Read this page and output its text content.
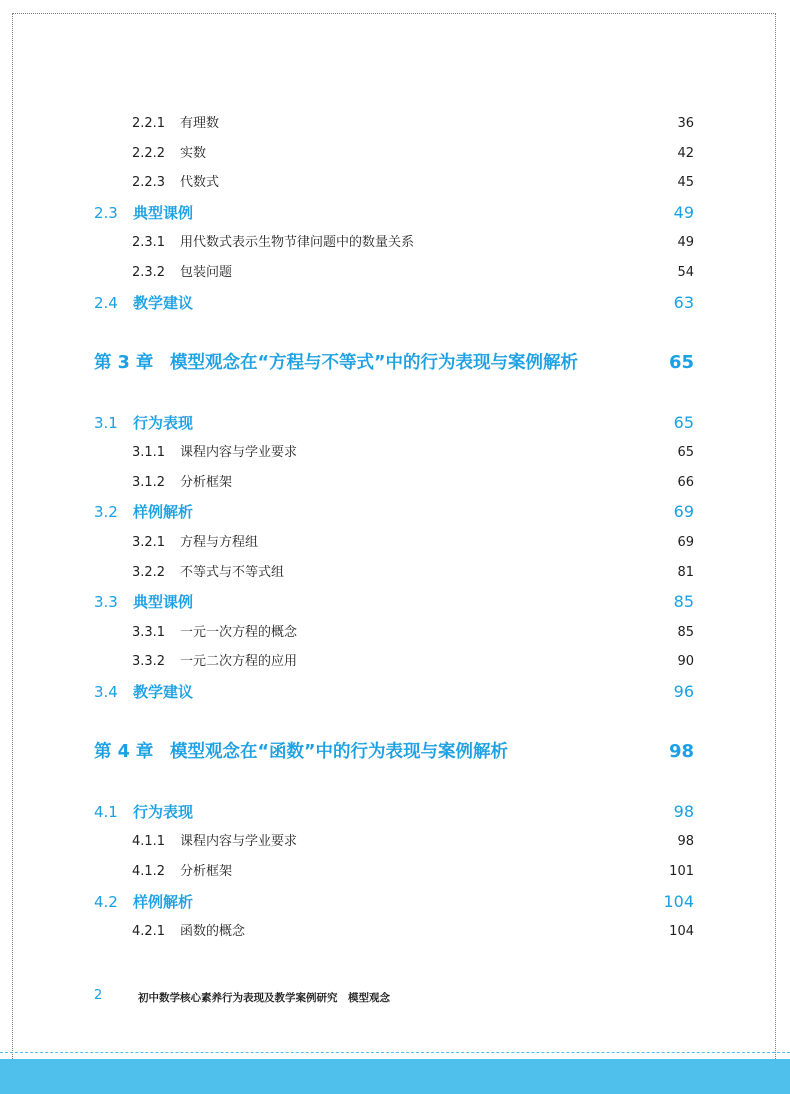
2.2.1 有理数	36
2.2.2 实数	42
2.2.3 代数式	45
2.3 典型课例	49
2.3.1 用代数式表示生物节律问题中的数量关系	49
2.3.2 包装问题	54
2.4 教学建议	63
第 3 章 模型观念在“方程与不等式”中的行为表现与案例解析	65
3.1 行为表现	65
3.1.1 课程内容与学业要求	65
3.1.2 分析框架	66
3.2 样例解析	69
3.2.1 方程与方程组	69
3.2.2 不等式与不等式组	81
3.3 典型课例	85
3.3.1 一元一次方程的概念	85
3.3.2 一元二次方程的应用	90
3.4 教学建议	96
第 4 章 模型观念在“函数”中的行为表现与案例解析	98
4.1 行为表现	98
4.1.1 课程内容与学业要求	98
4.1.2 分析框架	101
4.2 样例解析	104
4.2.1 函数的概念	104
2	初中数学核心素养行为表现及教学案例研究　模型观念
